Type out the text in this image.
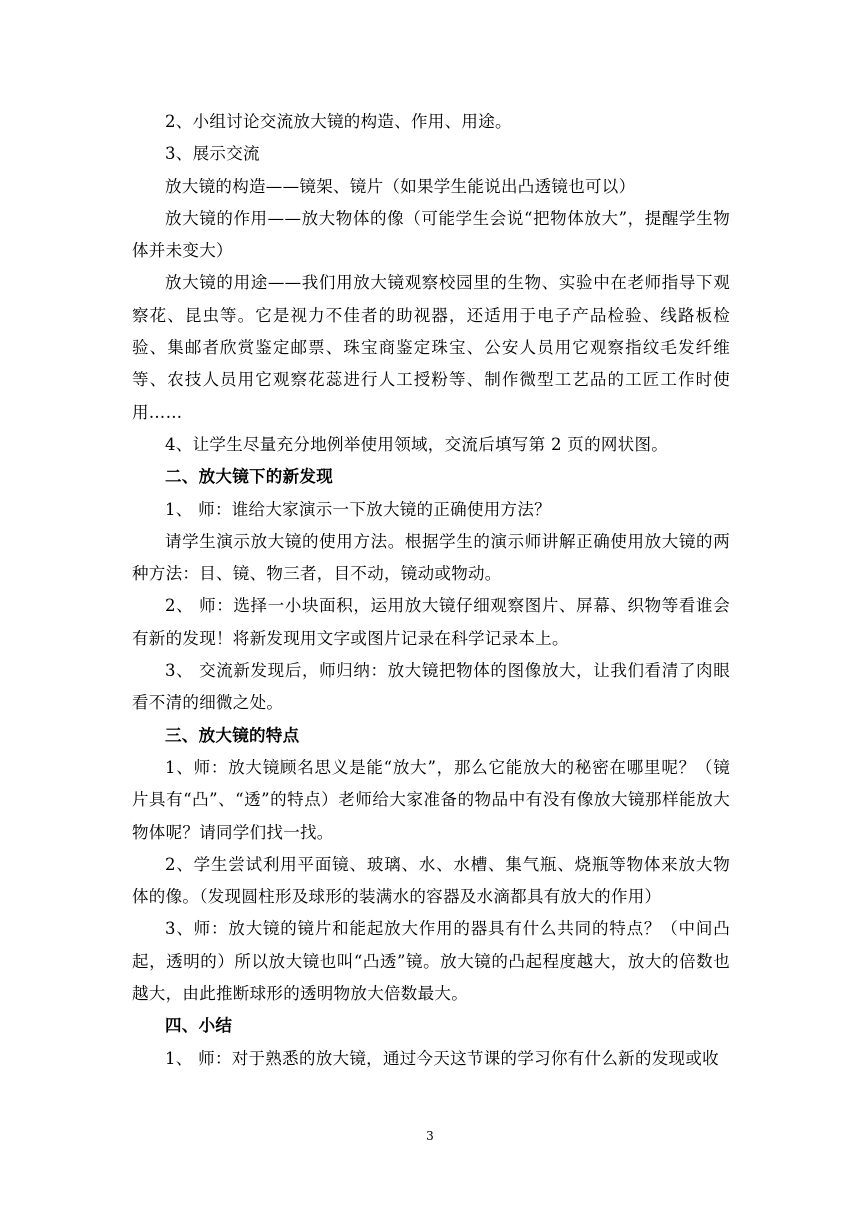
2、小组讨论交流放大镜的构造、作用、用途。

3、展示交流

放大镜的构造——镜架、镜片（如果学生能说出凸透镜也可以）

放大镜的作用——放大物体的像（可能学生会说“把物体放大”，提醒学生物体并未变大）

放大镜的用途——我们用放大镜观察校园里的生物、实验中在老师指导下观察花、昆虫等。它是视力不佳者的助视器，还适用于电子产品检验、线路板检验、集邮者欣赏鉴定邮票、珠宝商鉴定珠宝、公安人员用它观察指纹毛发纤维等、农技人员用它观察花蕊进行人工授粉等、制作微型工艺品的工匠工作时使用……

4、让学生尽量充分地例举使用领域，交流后填写第 2 页的网状图。

二、放大镜下的新发现

1、 师：谁给大家演示一下放大镜的正确使用方法？

请学生演示放大镜的使用方法。根据学生的演示师讲解正确使用放大镜的两种方法：目、镜、物三者，目不动，镜动或物动。

2、 师：选择一小块面积，运用放大镜仔细观察图片、屏幕、织物等看谁会有新的发现！将新发现用文字或图片记录在科学记录本上。

3、 交流新发现后，师归纳：放大镜把物体的图像放大，让我们看清了肉眼看不清的细微之处。

三、放大镜的特点

1、师：放大镜顾名思义是能“放大”，那么它能放大的秘密在哪里呢？（镜片具有“凸”、“透”的特点）老师给大家准备的物品中有没有像放大镜那样能放大物体呢？请同学们找一找。

2、学生尝试利用平面镜、玻璃、水、水槽、集气瓶、烧瓶等物体来放大物体的像。（发现圆柱形及球形的装满水的容器及水滴都具有放大的作用）

3、师：放大镜的镜片和能起放大作用的器具有什么共同的特点？（中间凸起，透明的）所以放大镜也叫“凸透”镜。放大镜的凸起程度越大，放大的倍数也越大，由此推断球形的透明物放大倍数最大。

四、小结

1、 师：对于熟悉的放大镜，通过今天这节课的学习你有什么新的发现或收

3
